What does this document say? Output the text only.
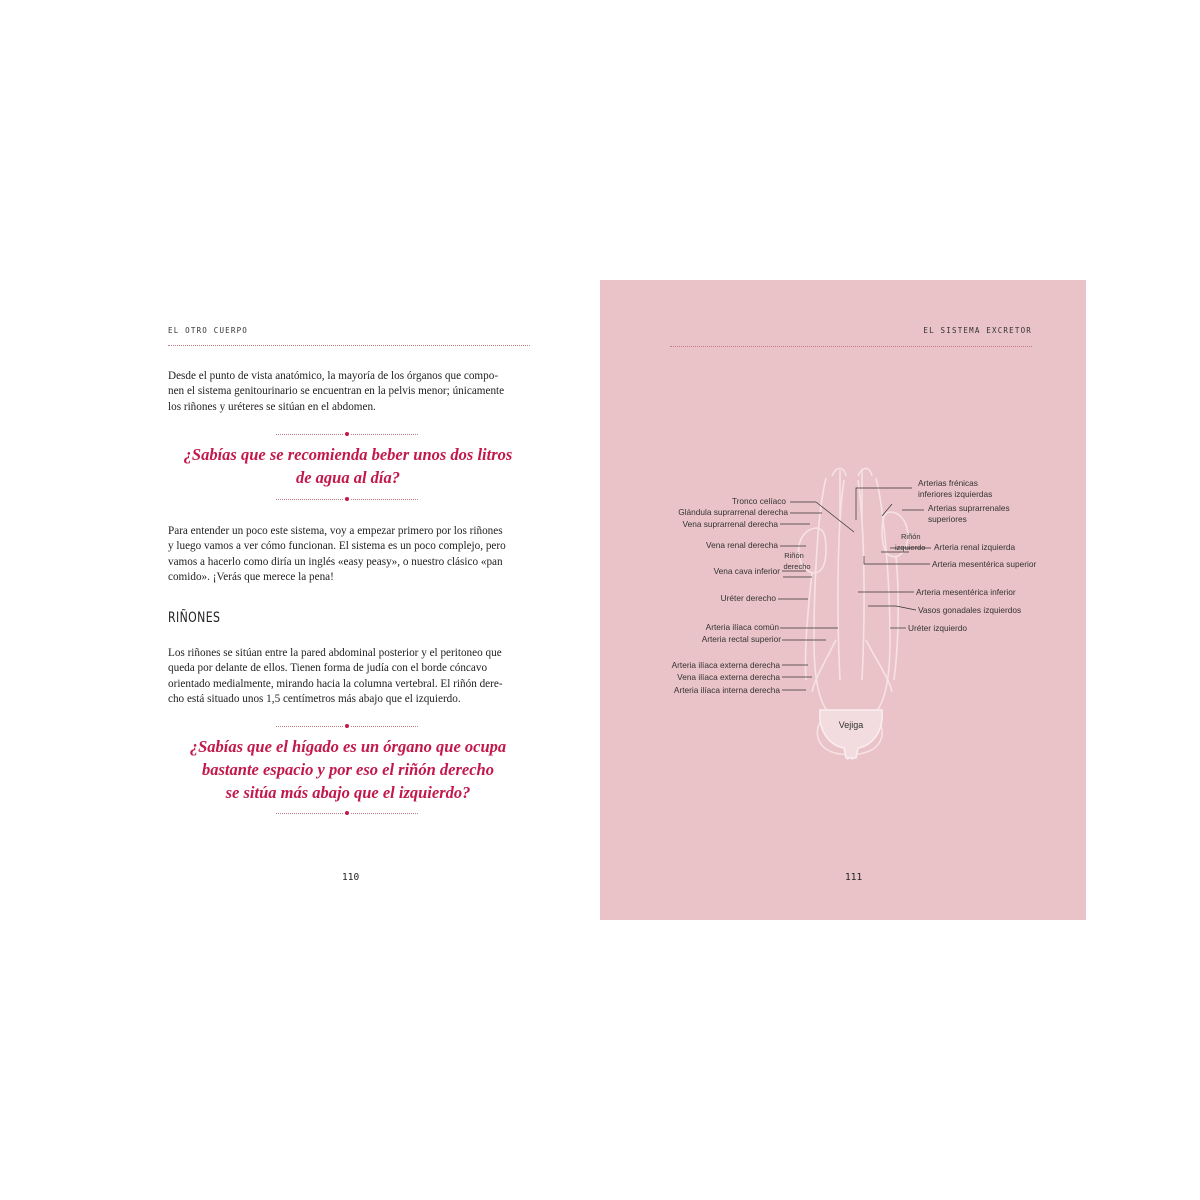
EL OTRO CUERPO
Desde el punto de vista anatómico, la mayoría de los órganos que compo-
nen el sistema genitourinario se encuentran en la pelvis menor; únicamente
los riñones y uréteres se sitúan en el abdomen.
¿Sabías que se recomienda beber unos dos litros
de agua al día?
Para entender un poco este sistema, voy a empezar primero por los riñones
y luego vamos a ver cómo funcionan. El sistema es un poco complejo, pero
vamos a hacerlo como diría un inglés «easy peasy», o nuestro clásico «pan
comido». ¡Verás que merece la pena!
RIÑONES
Los riñones se sitúan entre la pared abdominal posterior y el peritoneo que
queda por delante de ellos. Tienen forma de judía con el borde cóncavo
orientado medialmente, mirando hacia la columna vertebral. El riñón dere-
cho está situado unos 1,5 centímetros más abajo que el izquierdo.
¿Sabías que el hígado es un órgano que ocupa
bastante espacio y por eso el riñón derecho
se sitúa más abajo que el izquierdo?
110
EL SISTEMA EXCRETOR
Tronco celíaco
Glándula suprarrenal derecha
Vena suprarrenal derecha
Vena renal derecha
Riñón
derecho
Vena cava inferior
Uréter derecho
Arteria ilíaca común
Arteria rectal superior
Arteria ilíaca externa derecha
Vena ilíaca externa derecha
Arteria ilíaca interna derecha
Arterias frénicas
inferiores izquierdas
Arterias suprarrenales
superiores
Riñón
izquierdo Arteria renal izquierda
Arteria mesentérica superior
Arteria mesentérica inferior
Vasos gonadales izquierdos
Uréter izquierdo
Vejiga
111
